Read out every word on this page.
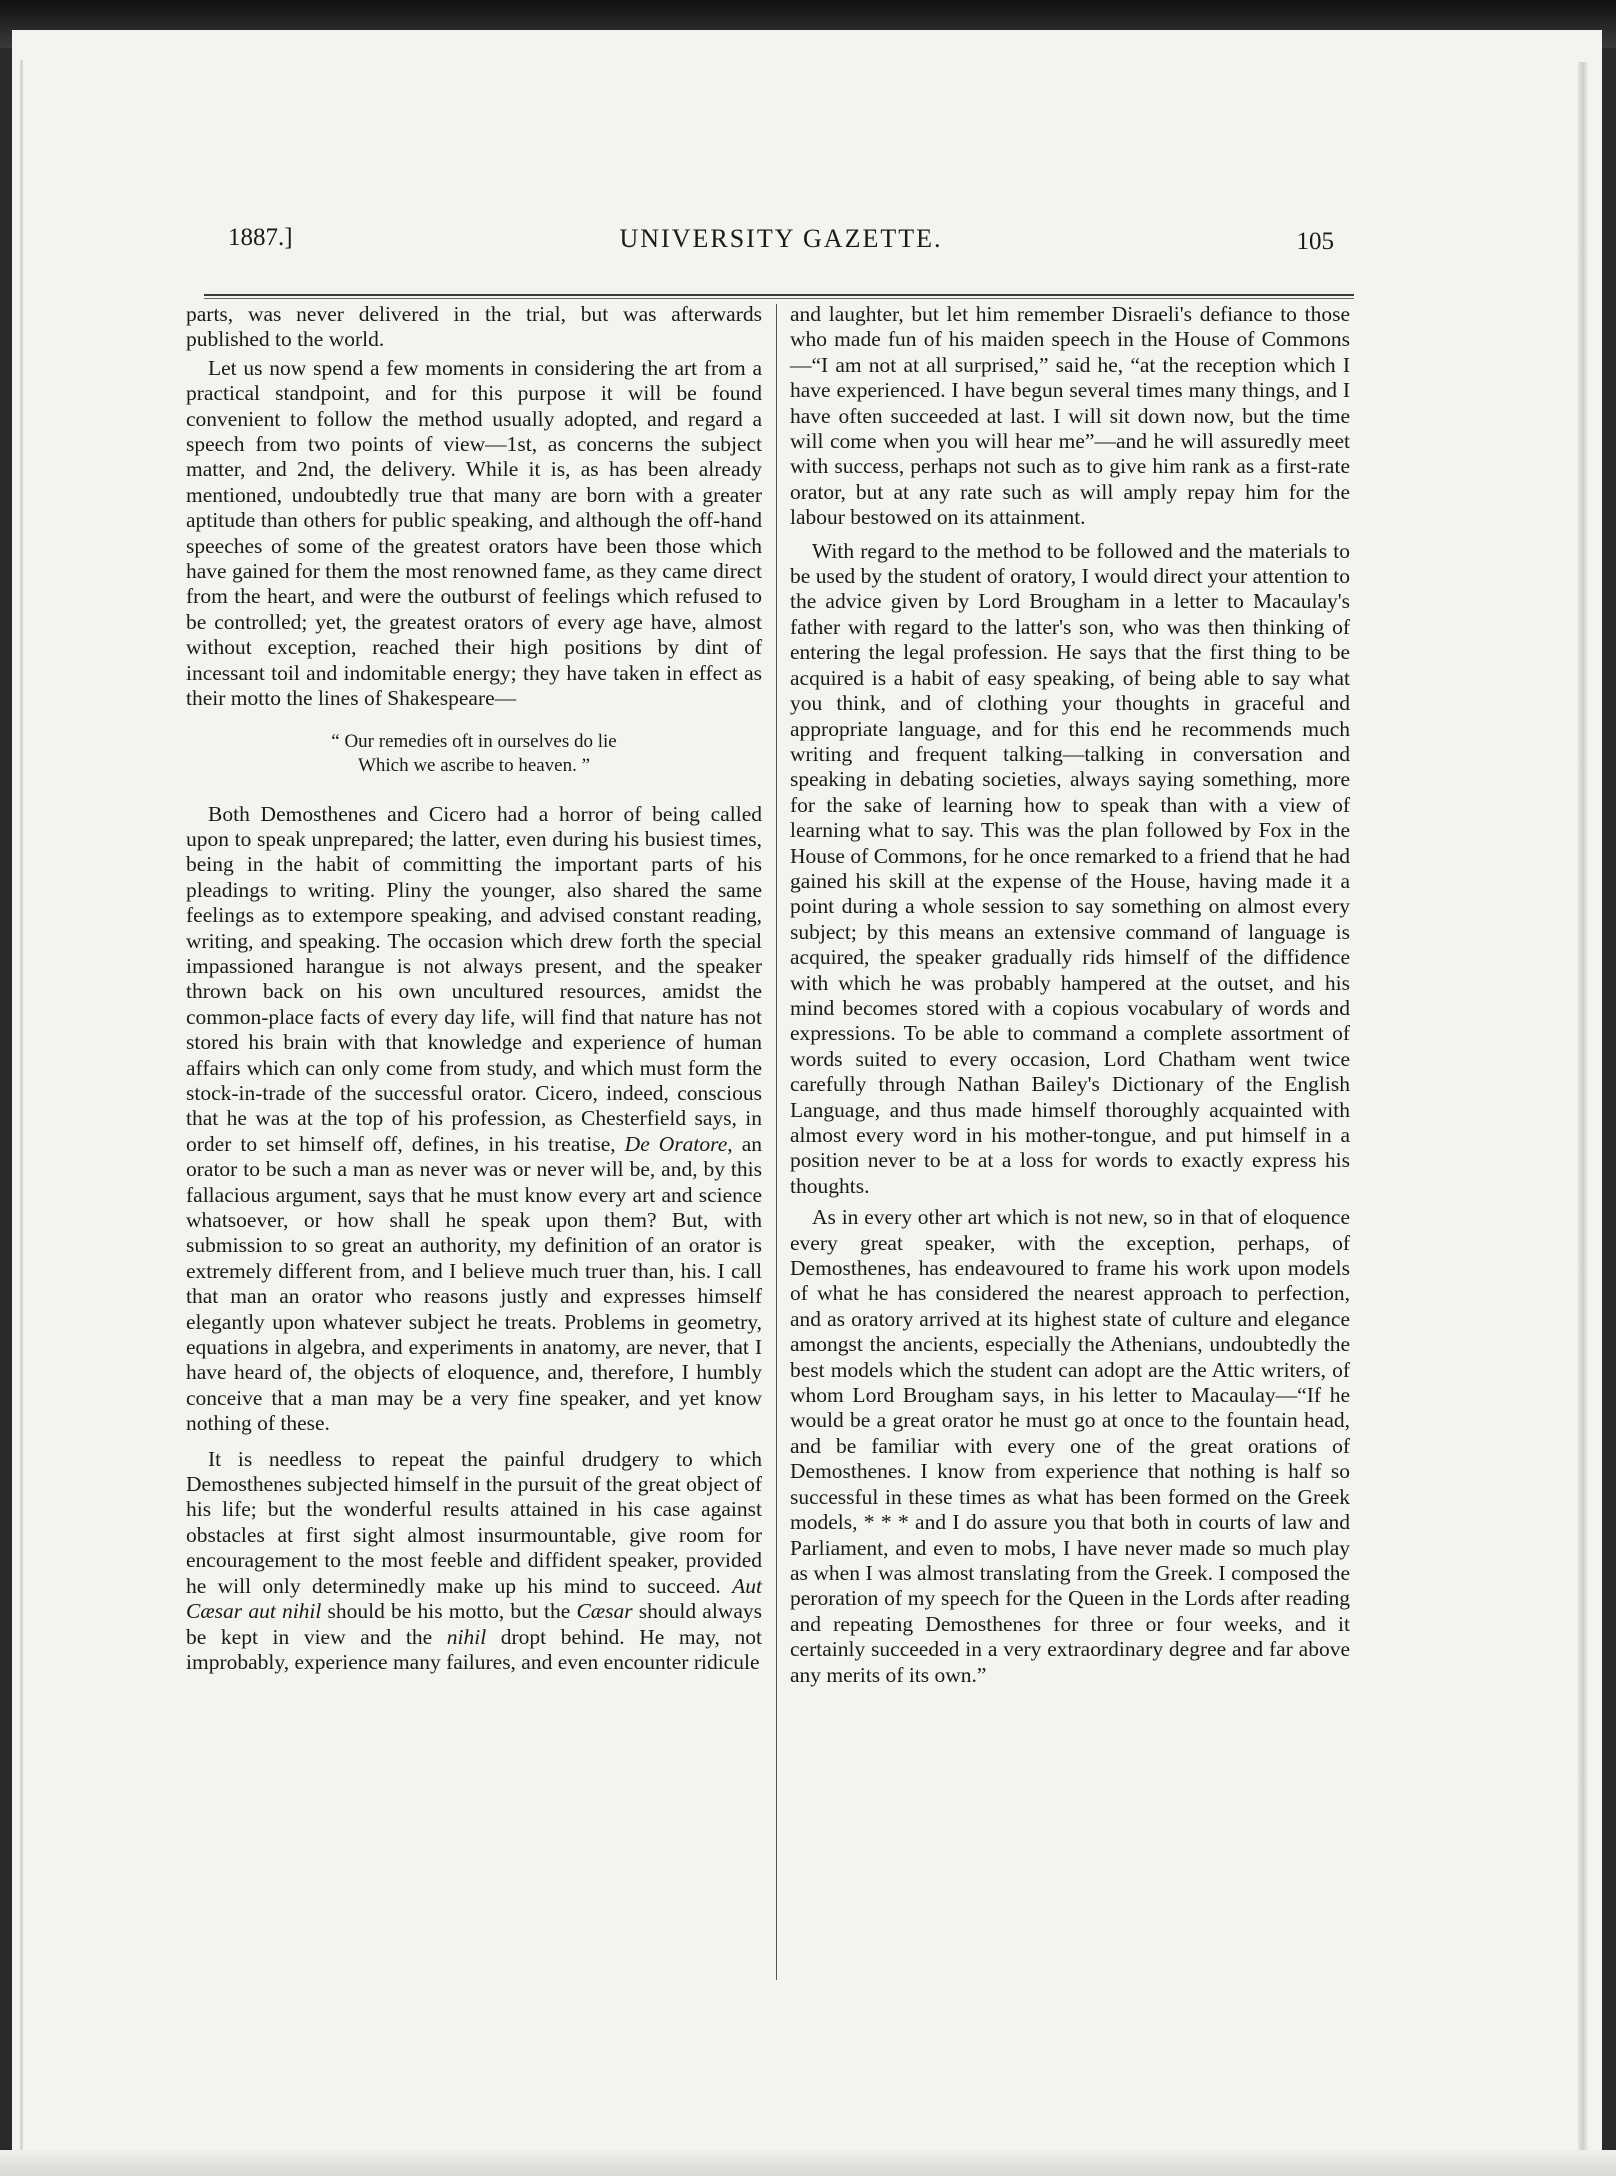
1887.]	UNIVERSITY GAZETTE.	105

parts, was never delivered in the trial, but was afterwards published to the world.

Let us now spend a few moments in considering the art from a practical standpoint, and for this purpose it will be found convenient to follow the method usually adopted, and regard a speech from two points of view—1st, as concerns the subject matter, and 2nd, the delivery. While it is, as has been already mentioned, undoubtedly true that many are born with a greater aptitude than others for public speaking, and although the off-hand speeches of some of the greatest orators have been those which have gained for them the most renowned fame, as they came direct from the heart, and were the outburst of feelings which refused to be controlled; yet, the greatest orators of every age have, almost without exception, reached their high positions by dint of incessant toil and indomitable energy; they have taken in effect as their motto the lines of Shakespeare—

“ Our remedies oft in ourselves do lie
Which we ascribe to heaven. ”

Both Demosthenes and Cicero had a horror of being called upon to speak unprepared; the latter, even during his busiest times, being in the habit of committing the important parts of his pleadings to writing. Pliny the younger, also shared the same feelings as to extempore speaking, and advised constant reading, writing, and speaking. The occasion which drew forth the special impassioned harangue is not always present, and the speaker thrown back on his own uncultured resources, amidst the common-place facts of every day life, will find that nature has not stored his brain with that knowledge and experience of human affairs which can only come from study, and which must form the stock-in-trade of the successful orator. Cicero, indeed, conscious that he was at the top of his profession, as Chesterfield says, in order to set himself off, defines, in his treatise, De Oratore, an orator to be such a man as never was or never will be, and, by this fallacious argument, says that he must know every art and science whatsoever, or how shall he speak upon them? But, with submission to so great an authority, my definition of an orator is extremely different from, and I believe much truer than, his. I call that man an orator who reasons justly and expresses himself elegantly upon whatever subject he treats. Problems in geometry, equations in algebra, and experiments in anatomy, are never, that I have heard of, the objects of eloquence, and, therefore, I humbly conceive that a man may be a very fine speaker, and yet know nothing of these.

It is needless to repeat the painful drudgery to which Demosthenes subjected himself in the pursuit of the great object of his life; but the wonderful results attained in his case against obstacles at first sight almost insurmountable, give room for encouragement to the most feeble and diffident speaker, provided he will only determinedly make up his mind to succeed. Aut Cæsar aut nihil should be his motto, but the Cæsar should always be kept in view and the nihil dropt behind. He may, not improbably, experience many failures, and even encounter ridicule

and laughter, but let him remember Disraeli's defiance to those who made fun of his maiden speech in the House of Commons—“I am not at all surprised,” said he, “at the reception which I have experienced. I have begun several times many things, and I have often succeeded at last. I will sit down now, but the time will come when you will hear me”—and he will assuredly meet with success, perhaps not such as to give him rank as a first-rate orator, but at any rate such as will amply repay him for the labour bestowed on its attainment.

With regard to the method to be followed and the materials to be used by the student of oratory, I would direct your attention to the advice given by Lord Brougham in a letter to Macaulay's father with regard to the latter's son, who was then thinking of entering the legal profession. He says that the first thing to be acquired is a habit of easy speaking, of being able to say what you think, and of clothing your thoughts in graceful and appropriate language, and for this end he recommends much writing and frequent talking—talking in conversation and speaking in debating societies, always saying something, more for the sake of learning how to speak than with a view of learning what to say. This was the plan followed by Fox in the House of Commons, for he once remarked to a friend that he had gained his skill at the expense of the House, having made it a point during a whole session to say something on almost every subject; by this means an extensive command of language is acquired, the speaker gradually rids himself of the diffidence with which he was probably hampered at the outset, and his mind becomes stored with a copious vocabulary of words and expressions. To be able to command a complete assortment of words suited to every occasion, Lord Chatham went twice carefully through Nathan Bailey's Dictionary of the English Language, and thus made himself thoroughly acquainted with almost every word in his mother-tongue, and put himself in a position never to be at a loss for words to exactly express his thoughts.

As in every other art which is not new, so in that of eloquence every great speaker, with the exception, perhaps, of Demosthenes, has endeavoured to frame his work upon models of what he has considered the nearest approach to perfection, and as oratory arrived at its highest state of culture and elegance amongst the ancients, especially the Athenians, undoubtedly the best models which the student can adopt are the Attic writers, of whom Lord Brougham says, in his letter to Macaulay—“If he would be a great orator he must go at once to the fountain head, and be familiar with every one of the great orations of Demosthenes. I know from experience that nothing is half so successful in these times as what has been formed on the Greek models, * * * and I do assure you that both in courts of law and Parliament, and even to mobs, I have never made so much play as when I was almost translating from the Greek. I composed the peroration of my speech for the Queen in the Lords after reading and repeating Demosthenes for three or four weeks, and it certainly succeeded in a very extraordinary degree and far above any merits of its own.”
